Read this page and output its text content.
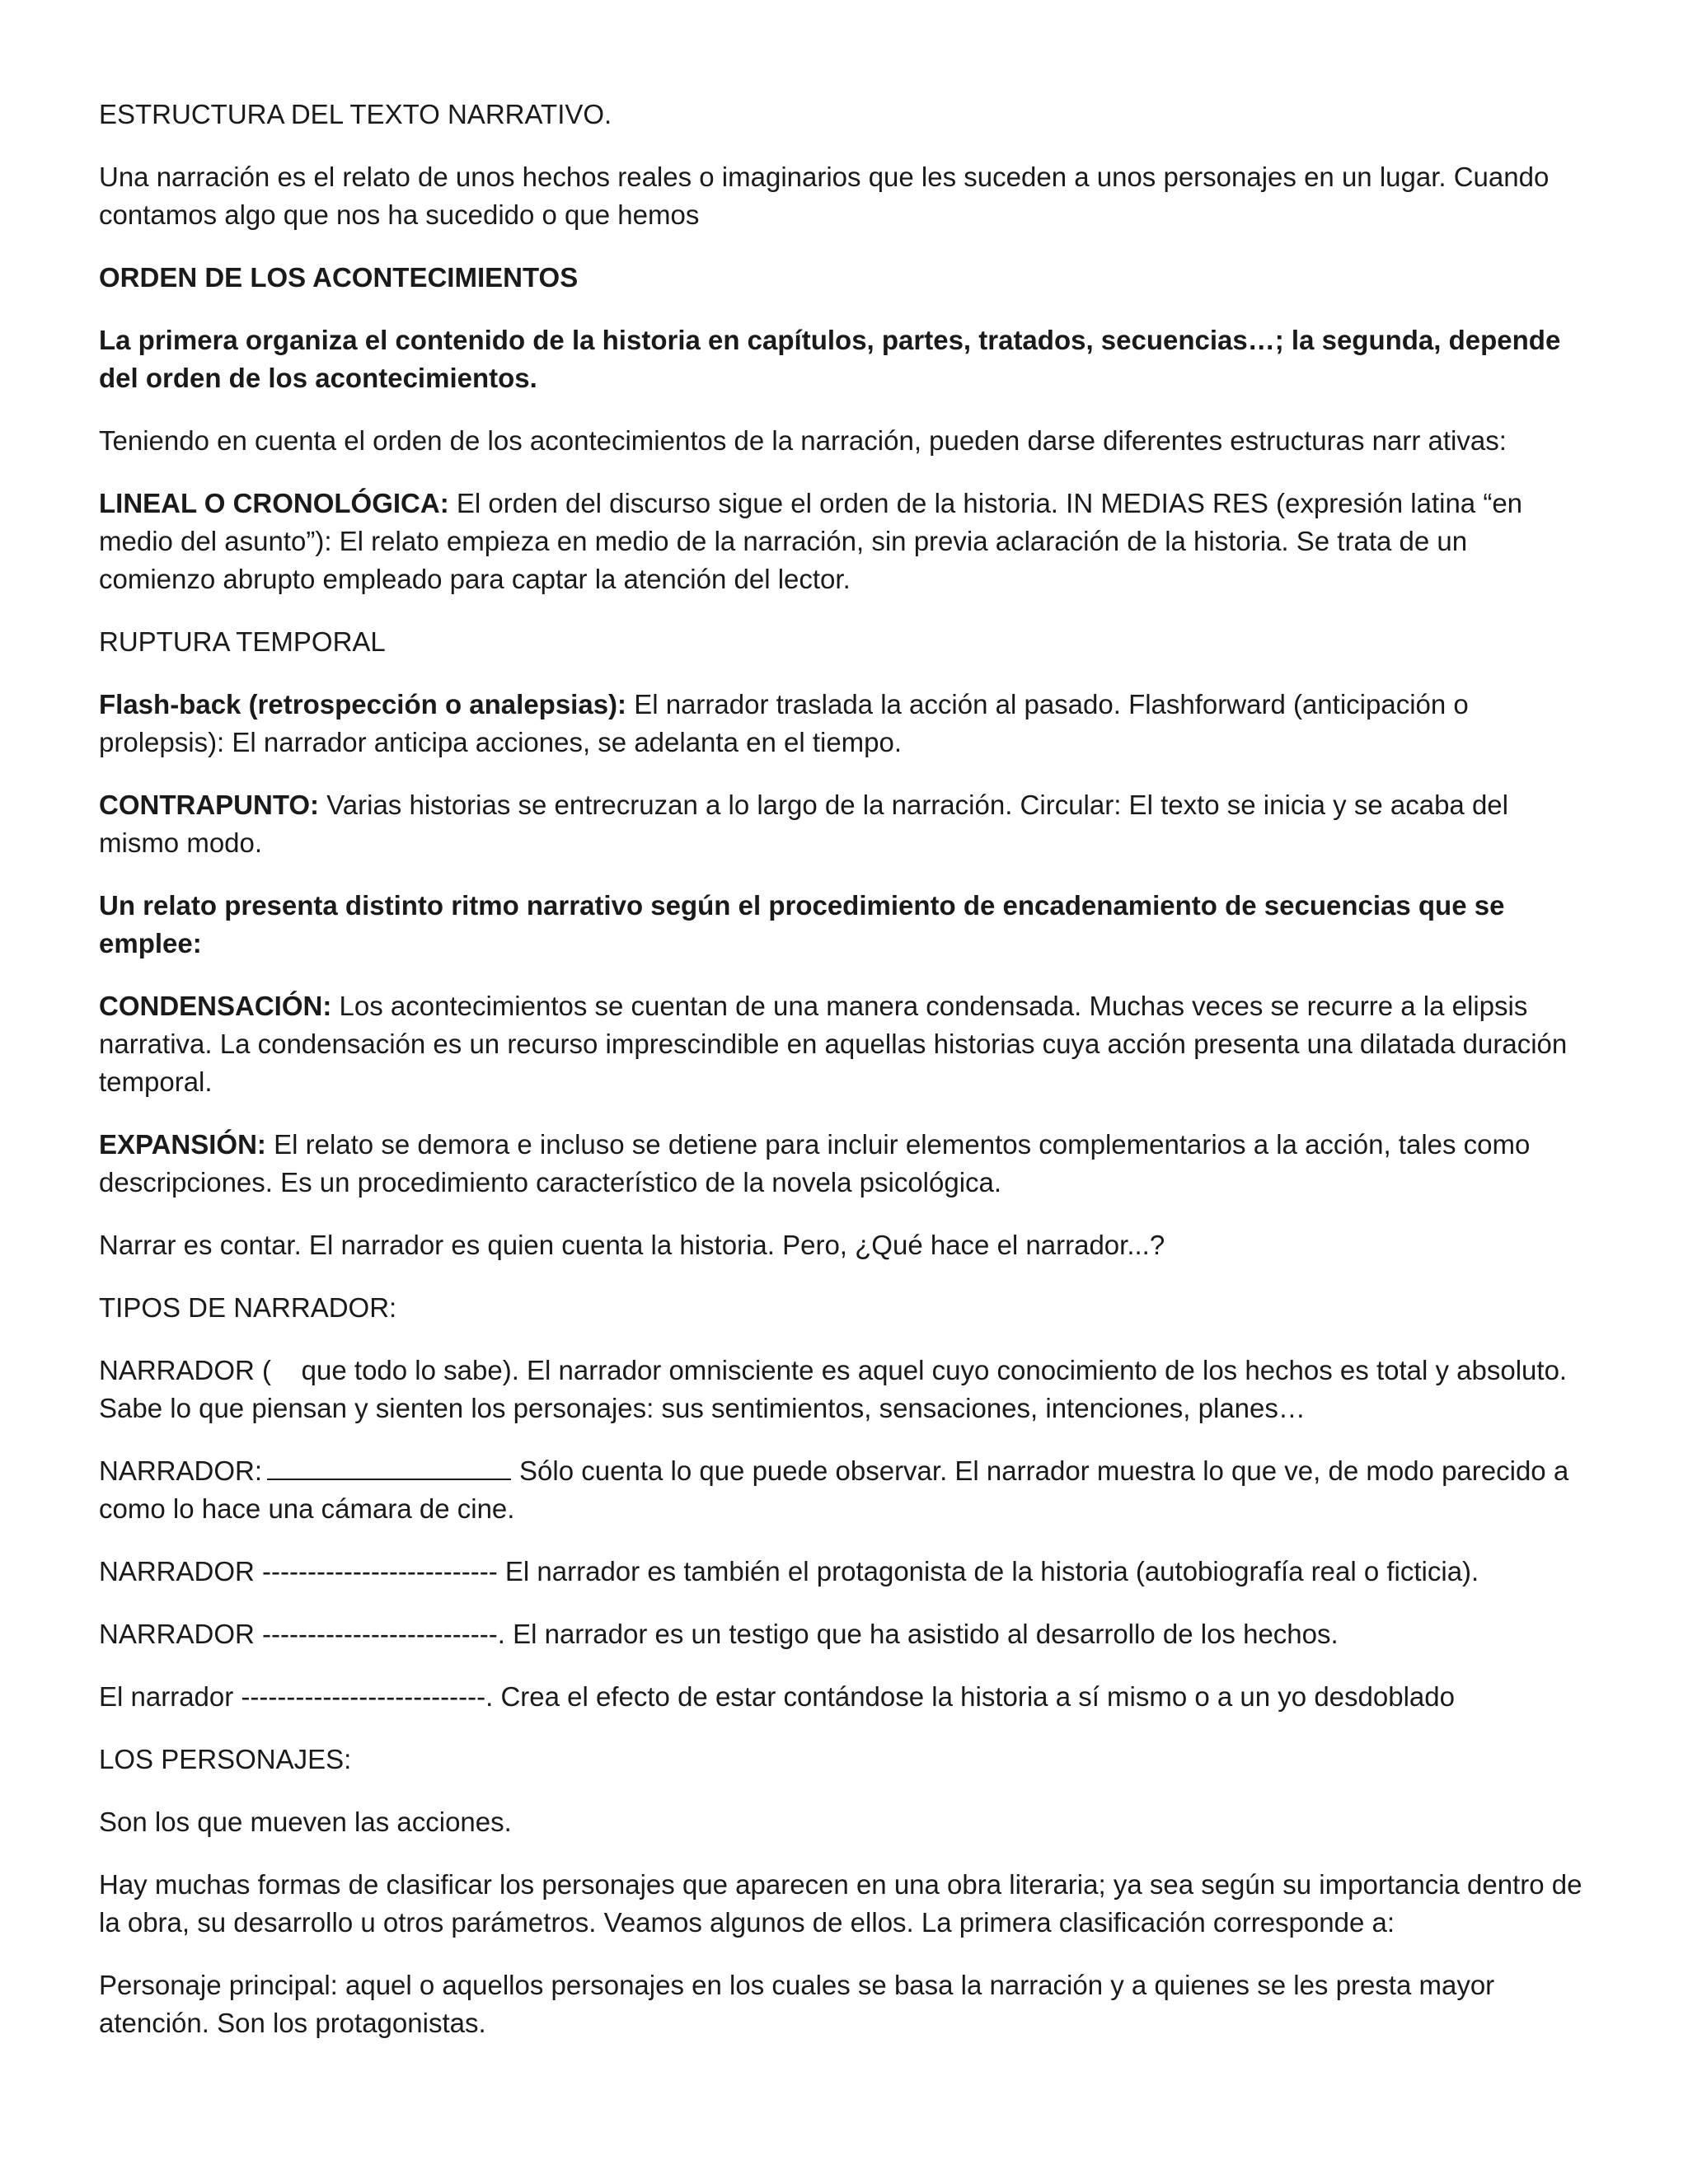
ESTRUCTURA DEL TEXTO NARRATIVO.

Una narración es el relato de unos hechos reales o imaginarios que les suceden a unos personajes en un lugar. Cuando contamos algo que nos ha sucedido o que hemos

ORDEN DE LOS ACONTECIMIENTOS

La primera organiza el contenido de la historia en capítulos, partes, tratados, secuencias…; la segunda, depende del orden de los acontecimientos.

Teniendo en cuenta el orden de los acontecimientos de la narración, pueden darse diferentes estructuras narr ativas:

LINEAL O CRONOLÓGICA: El orden del discurso sigue el orden de la historia. IN MEDIAS RES (expresión latina “en medio del asunto”): El relato empieza en medio de la narración, sin previa aclaración de la historia. Se trata de un comienzo abrupto empleado para captar la atención del lector.

RUPTURA TEMPORAL

Flash-back (retrospección o analepsias): El narrador traslada la acción al pasado. Flashforward (anticipación o prolepsis): El narrador anticipa acciones, se adelanta en el tiempo.

CONTRAPUNTO: Varias historias se entrecruzan a lo largo de la narración. Circular: El texto se inicia y se acaba del mismo modo.

Un relato presenta distinto ritmo narrativo según el procedimiento de encadenamiento de secuencias que se emplee:

CONDENSACIÓN: Los acontecimientos se cuentan de una manera condensada. Muchas veces se recurre a la elipsis narrativa. La condensación es un recurso imprescindible en aquellas historias cuya acción presenta una dilatada duración temporal.

EXPANSIÓN: El relato se demora e incluso se detiene para incluir elementos complementarios a la acción, tales como descripciones. Es un procedimiento característico de la novela psicológica.

Narrar es contar. El narrador es quien cuenta la historia. Pero, ¿Qué hace el narrador...?

TIPOS DE NARRADOR:

NARRADOR (    que todo lo sabe). El narrador omnisciente es aquel cuyo conocimiento de los hechos es total y absoluto. Sabe lo que piensan y sienten los personajes: sus sentimientos, sensaciones, intenciones, planes…

NARRADOR:	Sólo cuenta lo que puede observar. El narrador muestra lo que ve, de modo parecido a como lo hace una cámara de cine.

NARRADOR -------------------------- El narrador es también el protagonista de la historia (autobiografía real o ficticia).

NARRADOR --------------------------. El narrador es un testigo que ha asistido al desarrollo de los hechos.

El narrador ---------------------------. Crea el efecto de estar contándose la historia a sí mismo o a un yo desdoblado

LOS PERSONAJES:

Son los que mueven las acciones.

Hay muchas formas de clasificar los personajes que aparecen en una obra literaria; ya sea según su importancia dentro de la obra, su desarrollo u otros parámetros. Veamos algunos de ellos. La primera clasificación corresponde a:

Personaje principal: aquel o aquellos personajes en los cuales se basa la narración y a quienes se les presta mayor atención. Son los protagonistas.
